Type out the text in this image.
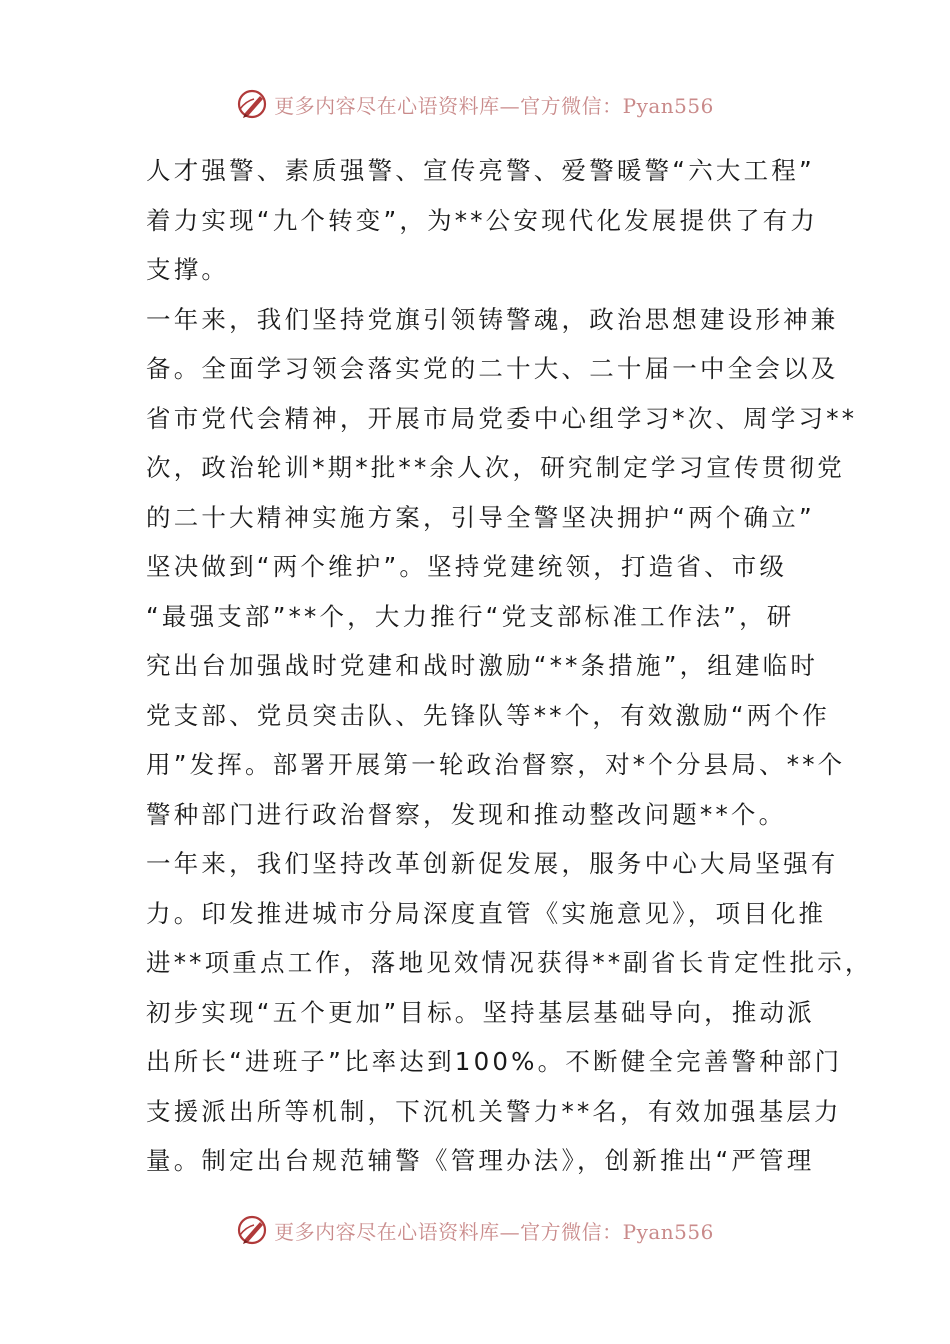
更多内容尽在心语资料库—官方微信：Pyan556
人才强警、素质强警、宣传亮警、爱警暖警“六大工程”
着力实现“九个转变”，为**公安现代化发展提供了有力
支撑。
一年来，我们坚持党旗引领铸警魂，政治思想建设形神兼
备。全面学习领会落实党的二十大、二十届一中全会以及
省市党代会精神，开展市局党委中心组学习*次、周学习**
次，政治轮训*期*批**余人次，研究制定学习宣传贯彻党
的二十大精神实施方案，引导全警坚决拥护“两个确立”
坚决做到“两个维护”。坚持党建统领，打造省、市级
“最强支部”**个，大力推行“党支部标准工作法”，研
究出台加强战时党建和战时激励“**条措施”，组建临时
党支部、党员突击队、先锋队等**个，有效激励“两个作
用”发挥。部署开展第一轮政治督察，对*个分县局、**个
警种部门进行政治督察，发现和推动整改问题**个。
一年来，我们坚持改革创新促发展，服务中心大局坚强有
力。印发推进城市分局深度直管《实施意见》，项目化推
进**项重点工作，落地见效情况获得**副省长肯定性批示，
初步实现“五个更加”目标。坚持基层基础导向，推动派
出所长“进班子”比率达到100%。不断健全完善警种部门
支援派出所等机制，下沉机关警力**名，有效加强基层力
量。制定出台规范辅警《管理办法》，创新推出“严管理
更多内容尽在心语资料库—官方微信：Pyan556
